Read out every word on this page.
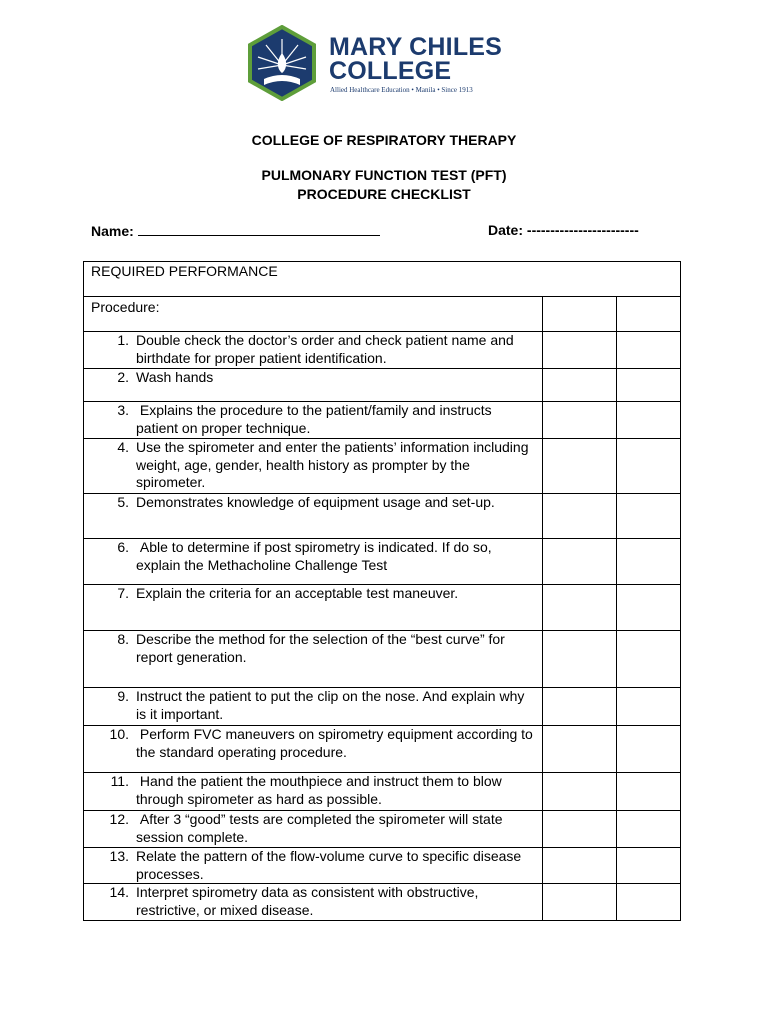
MARY CHILES
COLLEGE
Allied Healthcare Education • Manila • Since 1913
COLLEGE OF RESPIRATORY THERAPY
PULMONARY FUNCTION TEST (PFT)
PROCEDURE CHECKLIST
Name:	Date: ------------------------
REQUIRED PERFORMANCE		
Procedure:		

1. Double check the doctor’s order and check patient name and birthdate for proper patient identification.		

2. Wash hands		

3. Explains the procedure to the patient/family and instructs patient on proper technique.		

4. Use the spirometer and enter the patients’ information including weight, age, gender, health history as prompter by the spirometer.		

5. Demonstrates knowledge of equipment usage and set-up.		

6. Able to determine if post spirometry is indicated. If do so, explain the Methacholine Challenge Test		

7. Explain the criteria for an acceptable test maneuver.		

8. Describe the method for the selection of the “best curve” for report generation.		

9. Instruct the patient to put the clip on the nose. And explain why is it important.		

10. Perform FVC maneuvers on spirometry equipment according to the standard operating procedure.		

11. Hand the patient the mouthpiece and instruct them to blow through spirometer as hard as possible.		

12. After 3 “good” tests are completed the spirometer will state session complete.		

13. Relate the pattern of the flow-volume curve to specific disease processes.		

14. Interpret spirometry data as consistent with obstructive, restrictive, or mixed disease.		
